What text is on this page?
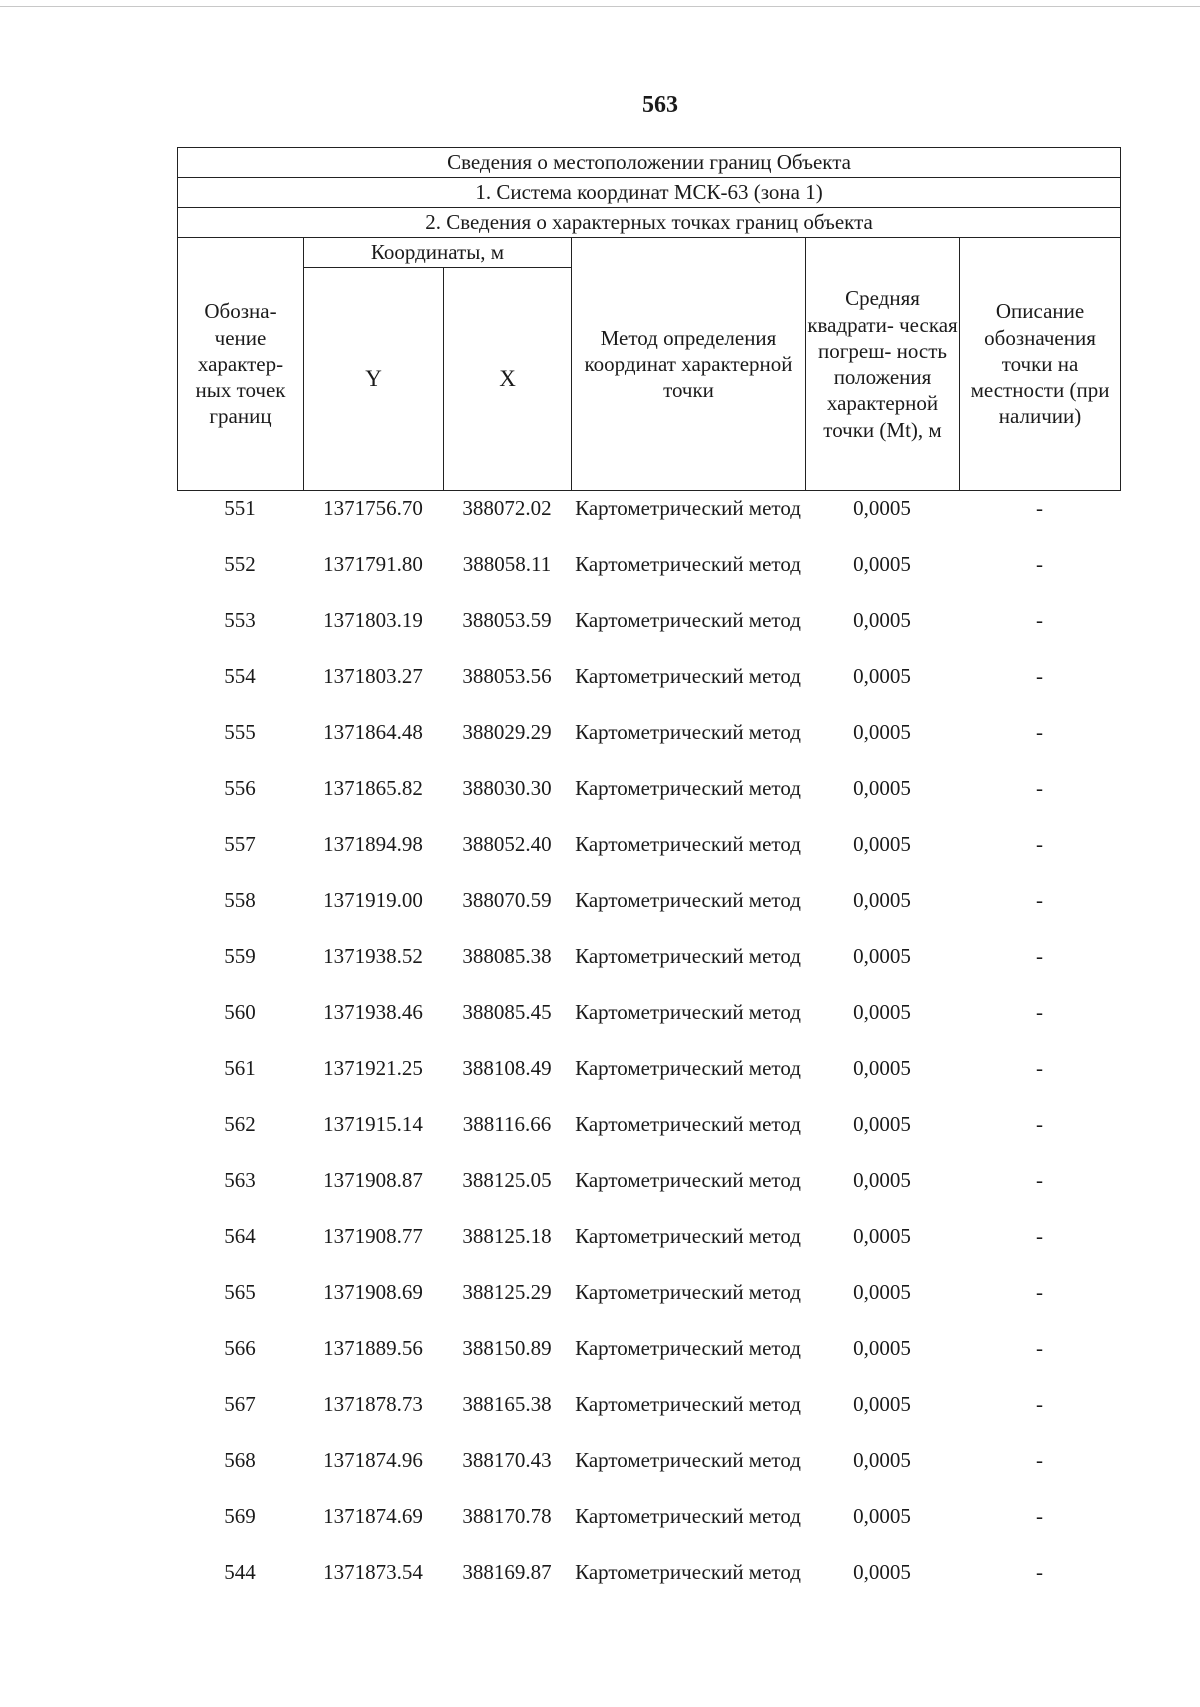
563
Сведения о местоположении границ Объекта					
1. Система координат МСК-63 (зона 1)					
2. Сведения о характерных точках границ объекта					
Обозна- чение характер- ных точек границ	Координаты, м		Метод определения координат характерной точки	Средняя квадрати- ческая погреш- ность положения характерной точки (Mt), м	Описание обозначения точки на местности (при наличии)
	Y	X			
551	1371756.70	388072.02	Картометрический метод	0,0005	-
552	1371791.80	388058.11	Картометрический метод	0,0005	-
553	1371803.19	388053.59	Картометрический метод	0,0005	-
554	1371803.27	388053.56	Картометрический метод	0,0005	-
555	1371864.48	388029.29	Картометрический метод	0,0005	-
556	1371865.82	388030.30	Картометрический метод	0,0005	-
557	1371894.98	388052.40	Картометрический метод	0,0005	-
558	1371919.00	388070.59	Картометрический метод	0,0005	-
559	1371938.52	388085.38	Картометрический метод	0,0005	-
560	1371938.46	388085.45	Картометрический метод	0,0005	-
561	1371921.25	388108.49	Картометрический метод	0,0005	-
562	1371915.14	388116.66	Картометрический метод	0,0005	-
563	1371908.87	388125.05	Картометрический метод	0,0005	-
564	1371908.77	388125.18	Картометрический метод	0,0005	-
565	1371908.69	388125.29	Картометрический метод	0,0005	-
566	1371889.56	388150.89	Картометрический метод	0,0005	-
567	1371878.73	388165.38	Картометрический метод	0,0005	-
568	1371874.96	388170.43	Картометрический метод	0,0005	-
569	1371874.69	388170.78	Картометрический метод	0,0005	-
544	1371873.54	388169.87	Картометрический метод	0,0005	-
